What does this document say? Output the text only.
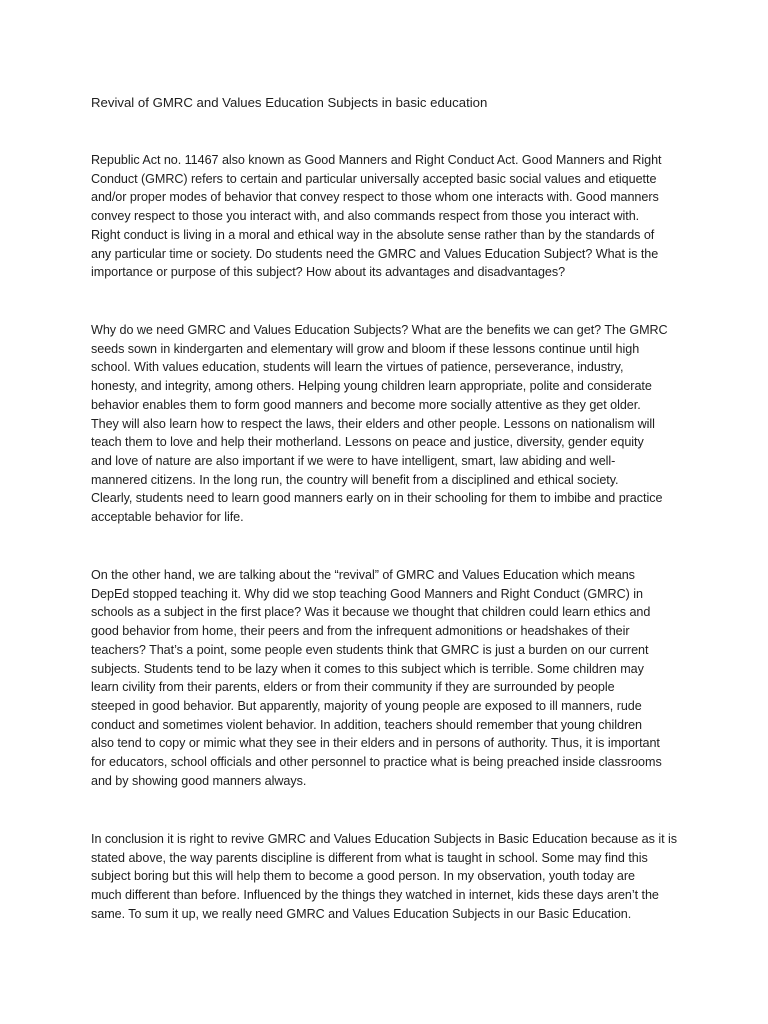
Revival of GMRC and Values Education Subjects in basic education

Republic Act no. 11467 also known as Good Manners and Right Conduct Act. Good Manners and Right
Conduct (GMRC) refers to certain and particular universally accepted basic social values and etiquette
and/or proper modes of behavior that convey respect to those whom one interacts with. Good manners
convey respect to those you interact with, and also commands respect from those you interact with.
Right conduct is living in a moral and ethical way in the absolute sense rather than by the standards of
any particular time or society. Do students need the GMRC and Values Education Subject? What is the
importance or purpose of this subject? How about its advantages and disadvantages?

Why do we need GMRC and Values Education Subjects? What are the benefits we can get? The GMRC
seeds sown in kindergarten and elementary will grow and bloom if these lessons continue until high
school. With values education, students will learn the virtues of patience, perseverance, industry,
honesty, and integrity, among others. Helping young children learn appropriate, polite and considerate
behavior enables them to form good manners and become more socially attentive as they get older.
They will also learn how to respect the laws, their elders and other people. Lessons on nationalism will
teach them to love and help their motherland. Lessons on peace and justice, diversity, gender equity
and love of nature are also important if we were to have intelligent, smart, law abiding and well-
mannered citizens. In the long run, the country will benefit from a disciplined and ethical society.
Clearly, students need to learn good manners early on in their schooling for them to imbibe and practice
acceptable behavior for life.

On the other hand, we are talking about the “revival” of GMRC and Values Education which means
DepEd stopped teaching it. Why did we stop teaching Good Manners and Right Conduct (GMRC) in
schools as a subject in the first place? Was it because we thought that children could learn ethics and
good behavior from home, their peers and from the infrequent admonitions or headshakes of their
teachers? That’s a point, some people even students think that GMRC is just a burden on our current
subjects. Students tend to be lazy when it comes to this subject which is terrible. Some children may
learn civility from their parents, elders or from their community if they are surrounded by people
steeped in good behavior. But apparently, majority of young people are exposed to ill manners, rude
conduct and sometimes violent behavior. In addition, teachers should remember that young children
also tend to copy or mimic what they see in their elders and in persons of authority. Thus, it is important
for educators, school officials and other personnel to practice what is being preached inside classrooms
and by showing good manners always.

In conclusion it is right to revive GMRC and Values Education Subjects in Basic Education because as it is
stated above, the way parents discipline is different from what is taught in school. Some may find this
subject boring but this will help them to become a good person. In my observation, youth today are
much different than before. Influenced by the things they watched in internet, kids these days aren’t the
same. To sum it up, we really need GMRC and Values Education Subjects in our Basic Education.
